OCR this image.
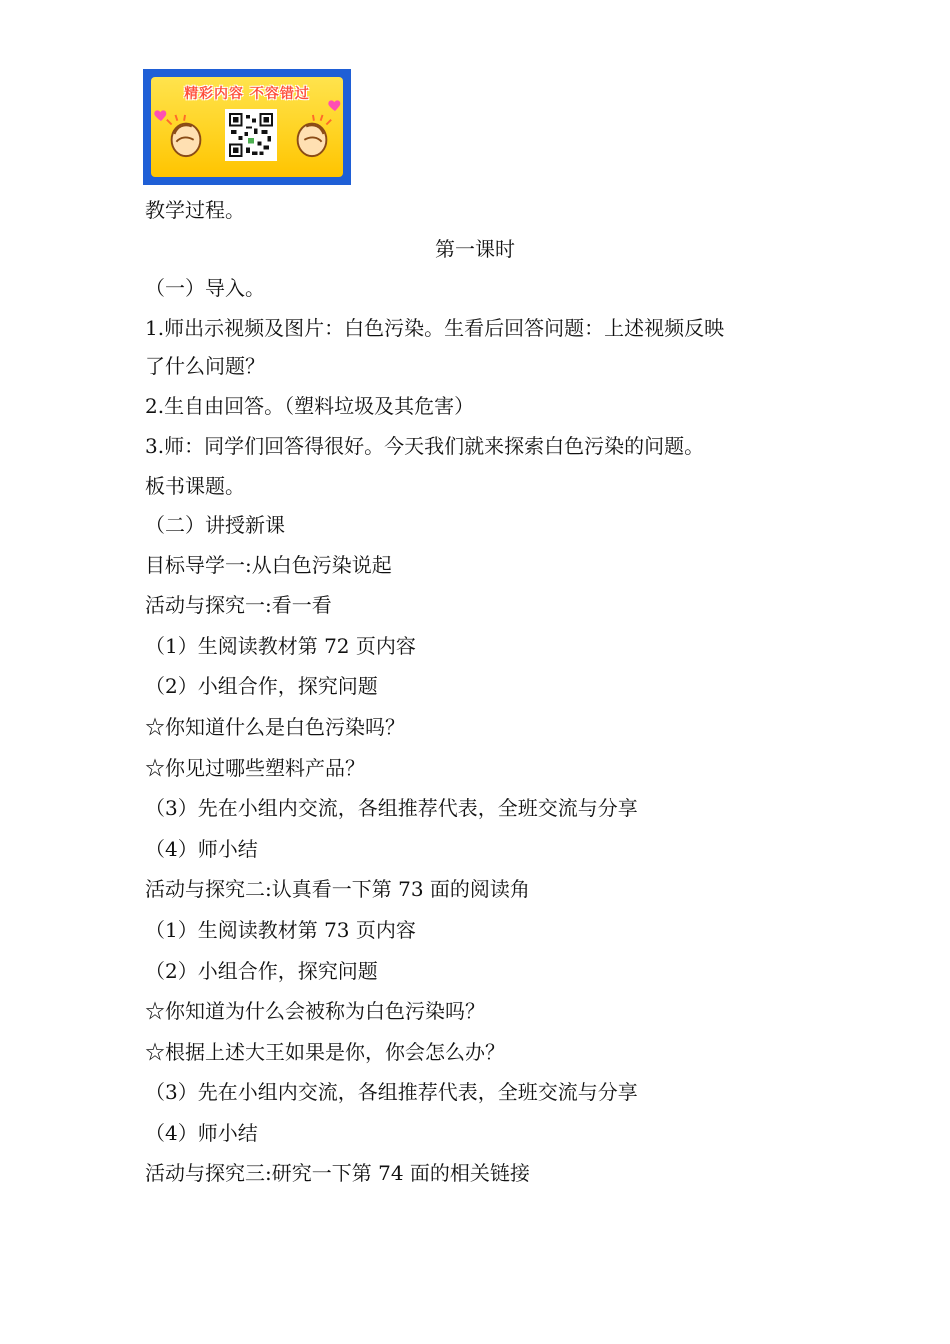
精彩内容 不容错过
教学过程。
第一课时
（一）导入。
1.师出示视频及图片：白色污染。生看后回答问题：上述视频反映
了什么问题？
2.生自由回答。（塑料垃圾及其危害）
3.师：同学们回答得很好。今天我们就来探索白色污染的问题。
板书课题。
（二）讲授新课
目标导学一:从白色污染说起
活动与探究一:看一看
（1）生阅读教材第 72 页内容
（2）小组合作，探究问题
☆你知道什么是白色污染吗？
☆你见过哪些塑料产品？
（3）先在小组内交流，各组推荐代表，全班交流与分享
（4）师小结
活动与探究二:认真看一下第 73 面的阅读角
（1）生阅读教材第 73 页内容
（2）小组合作，探究问题
☆你知道为什么会被称为白色污染吗？
☆根据上述大王如果是你，你会怎么办？
（3）先在小组内交流，各组推荐代表，全班交流与分享
（4）师小结
活动与探究三:研究一下第 74 面的相关链接
